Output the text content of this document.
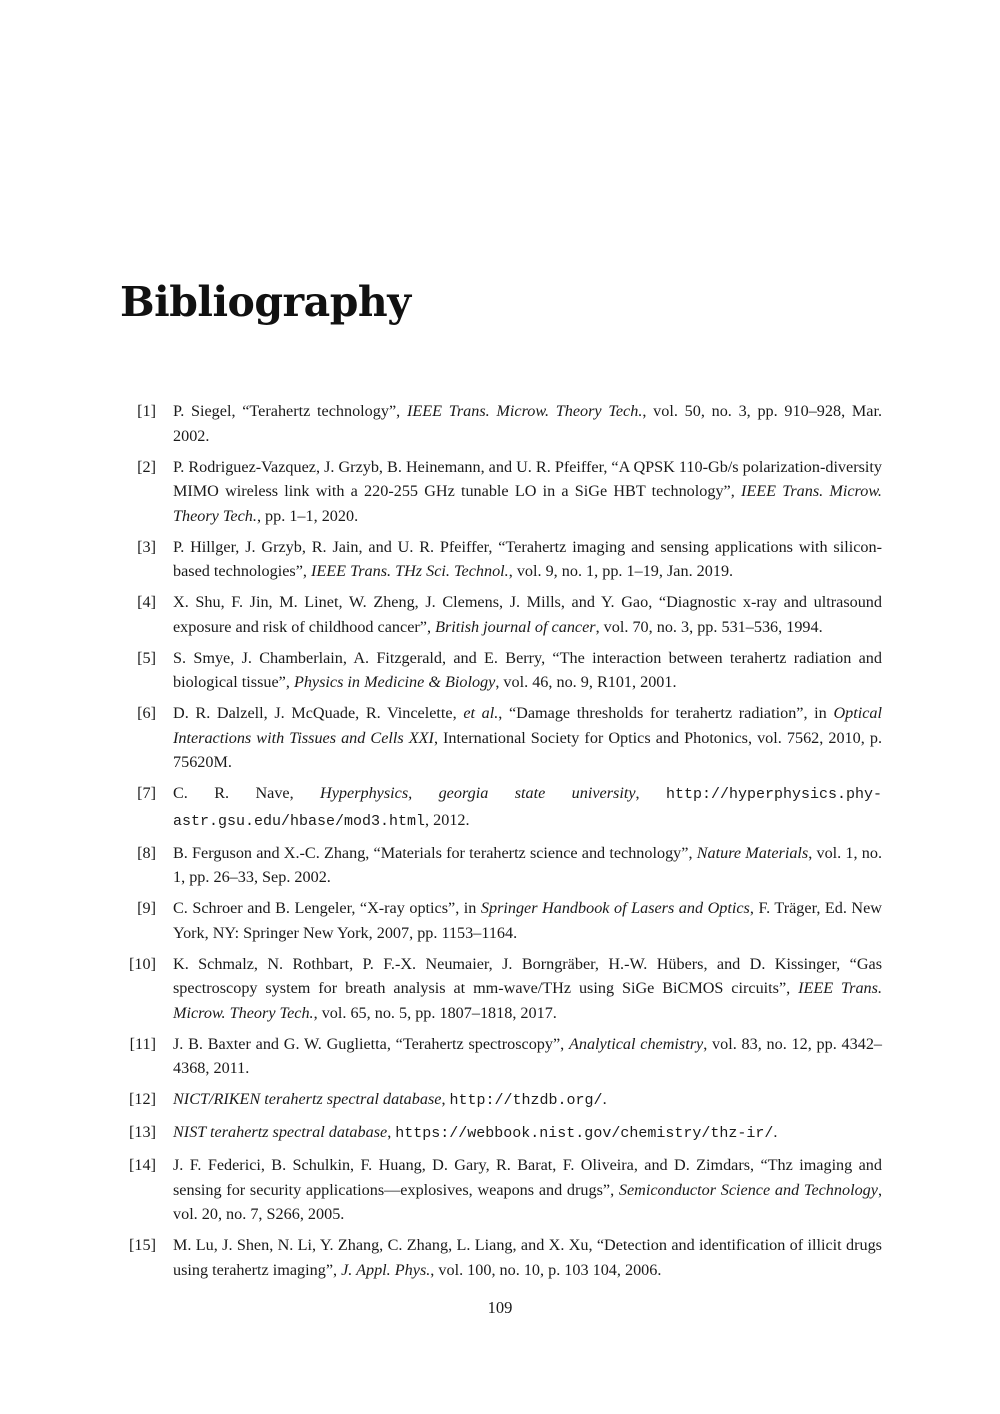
Bibliography
[1] P. Siegel, “Terahertz technology”, IEEE Trans. Microw. Theory Tech., vol. 50, no. 3, pp. 910–928, Mar. 2002.
[2] P. Rodriguez-Vazquez, J. Grzyb, B. Heinemann, and U. R. Pfeiffer, “A QPSK 110-Gb/s polarization-diversity MIMO wireless link with a 220-255 GHz tunable LO in a SiGe HBT technology”, IEEE Trans. Microw. Theory Tech., pp. 1–1, 2020.
[3] P. Hillger, J. Grzyb, R. Jain, and U. R. Pfeiffer, “Terahertz imaging and sensing applications with silicon-based technologies”, IEEE Trans. THz Sci. Technol., vol. 9, no. 1, pp. 1–19, Jan. 2019.
[4] X. Shu, F. Jin, M. Linet, W. Zheng, J. Clemens, J. Mills, and Y. Gao, “Diagnostic x-ray and ultrasound exposure and risk of childhood cancer”, British journal of cancer, vol. 70, no. 3, pp. 531–536, 1994.
[5] S. Smye, J. Chamberlain, A. Fitzgerald, and E. Berry, “The interaction between terahertz radiation and biological tissue”, Physics in Medicine & Biology, vol. 46, no. 9, R101, 2001.
[6] D. R. Dalzell, J. McQuade, R. Vincelette, et al., “Damage thresholds for terahertz radiation”, in Optical Interactions with Tissues and Cells XXI, International Society for Optics and Photonics, vol. 7562, 2010, p. 75620M.
[7] C. R. Nave, Hyperphysics, georgia state university, http://hyperphysics.phy-astr.gsu.edu/hbase/mod3.html, 2012.
[8] B. Ferguson and X.-C. Zhang, “Materials for terahertz science and technology”, Nature Materials, vol. 1, no. 1, pp. 26–33, Sep. 2002.
[9] C. Schroer and B. Lengeler, “X-ray optics”, in Springer Handbook of Lasers and Optics, F. Träger, Ed. New York, NY: Springer New York, 2007, pp. 1153–1164.
[10] K. Schmalz, N. Rothbart, P. F.-X. Neumaier, J. Borngräber, H.-W. Hübers, and D. Kissinger, “Gas spectroscopy system for breath analysis at mm-wave/THz using SiGe BiCMOS circuits”, IEEE Trans. Microw. Theory Tech., vol. 65, no. 5, pp. 1807–1818, 2017.
[11] J. B. Baxter and G. W. Guglietta, “Terahertz spectroscopy”, Analytical chemistry, vol. 83, no. 12, pp. 4342–4368, 2011.
[12] NICT/RIKEN terahertz spectral database, http://thzdb.org/.
[13] NIST terahertz spectral database, https://webbook.nist.gov/chemistry/thz-ir/.
[14] J. F. Federici, B. Schulkin, F. Huang, D. Gary, R. Barat, F. Oliveira, and D. Zimdars, “Thz imaging and sensing for security applications—explosives, weapons and drugs”, Semiconductor Science and Technology, vol. 20, no. 7, S266, 2005.
[15] M. Lu, J. Shen, N. Li, Y. Zhang, C. Zhang, L. Liang, and X. Xu, “Detection and identification of illicit drugs using terahertz imaging”, J. Appl. Phys., vol. 100, no. 10, p. 103 104, 2006.
109
